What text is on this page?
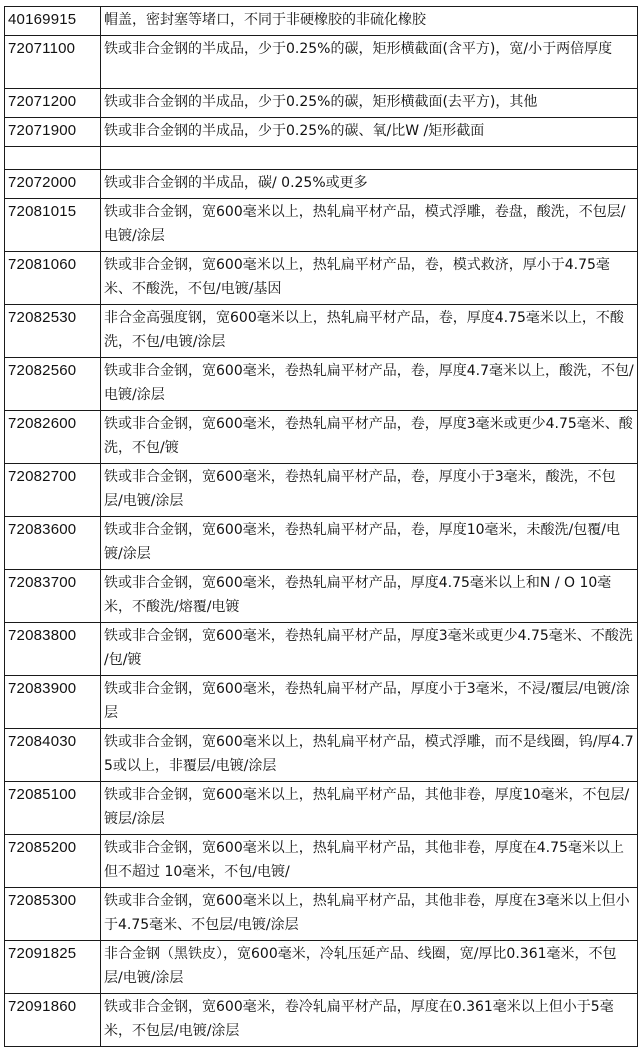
40169915	帽盖，密封塞等堵口，不同于非硬橡胶的非硫化橡胶
72071100	铁或非合金钢的半成品，少于0.25%的碳，矩形横截面(含平方)，宽/小于两倍厚度
72071200	铁或非合金钢的半成品，少于0.25%的碳，矩形横截面(去平方)，其他
72071900	铁或非合金钢的半成品，少于0.25%的碳、氧/比W /矩形截面

72072000	铁或非合金钢的半成品，碳/ 0.25%或更多
72081015	铁或非合金钢，宽600毫米以上，热轧扁平材产品，模式浮雕，卷盘，酸洗，不包层/电镀/涂层
72081060	铁或非合金钢，宽600毫米以上，热轧扁平材产品，卷，模式救济，厚小于4.75毫米、不酸洗，不包/电镀/基因
72082530	非合金高强度钢，宽600毫米以上，热轧扁平材产品，卷，厚度4.75毫米以上，不酸洗，不包/电镀/涂层
72082560	铁或非合金钢，宽600毫米，卷热轧扁平材产品，卷，厚度4.7毫米以上，酸洗，不包/电镀/涂层
72082600	铁或非合金钢，宽600毫米，卷热轧扁平材产品，卷，厚度3毫米或更少4.75毫米、酸洗，不包/镀
72082700	铁或非合金钢，宽600毫米，卷热轧扁平材产品，卷，厚度小于3毫米，酸洗，不包层/电镀/涂层
72083600	铁或非合金钢，宽600毫米，卷热轧扁平材产品，卷，厚度10毫米，未酸洗/包覆/电镀/涂层
72083700	铁或非合金钢，宽600毫米，卷热轧扁平材产品，厚度4.75毫米以上和N / O 10毫米，不酸洗/熔覆/电镀
72083800	铁或非合金钢，宽600毫米，卷热轧扁平材产品，厚度3毫米或更少4.75毫米、不酸洗 /包/镀
72083900	铁或非合金钢，宽600毫米，卷热轧扁平材产品，厚度小于3毫米，不浸/覆层/电镀/涂层
72084030	铁或非合金钢，宽600毫米以上，热轧扁平材产品，模式浮雕，而不是线圈，钨/厚4.75或以上，非覆层/电镀/涂层
72085100	铁或非合金钢，宽600毫米以上，热轧扁平材产品，其他非卷，厚度10毫米，不包层/镀层/涂层
72085200	铁或非合金钢，宽600毫米以上，热轧扁平材产品，其他非卷，厚度在4.75毫米以上但不超过 10毫米，不包/电镀/
72085300	铁或非合金钢，宽600毫米以上，热轧扁平材产品，其他非卷，厚度在3毫米以上但小于4.75毫米、不包层/电镀/涂层
72091825	非合金钢（黑铁皮），宽600毫米，冷轧压延产品、线圈，宽/厚比0.361毫米，不包层/电镀/涂层
72091860	铁或非合金钢，宽600毫米，卷冷轧扁平材产品，厚度在0.361毫米以上但小于5毫米，不包层/电镀/涂层
